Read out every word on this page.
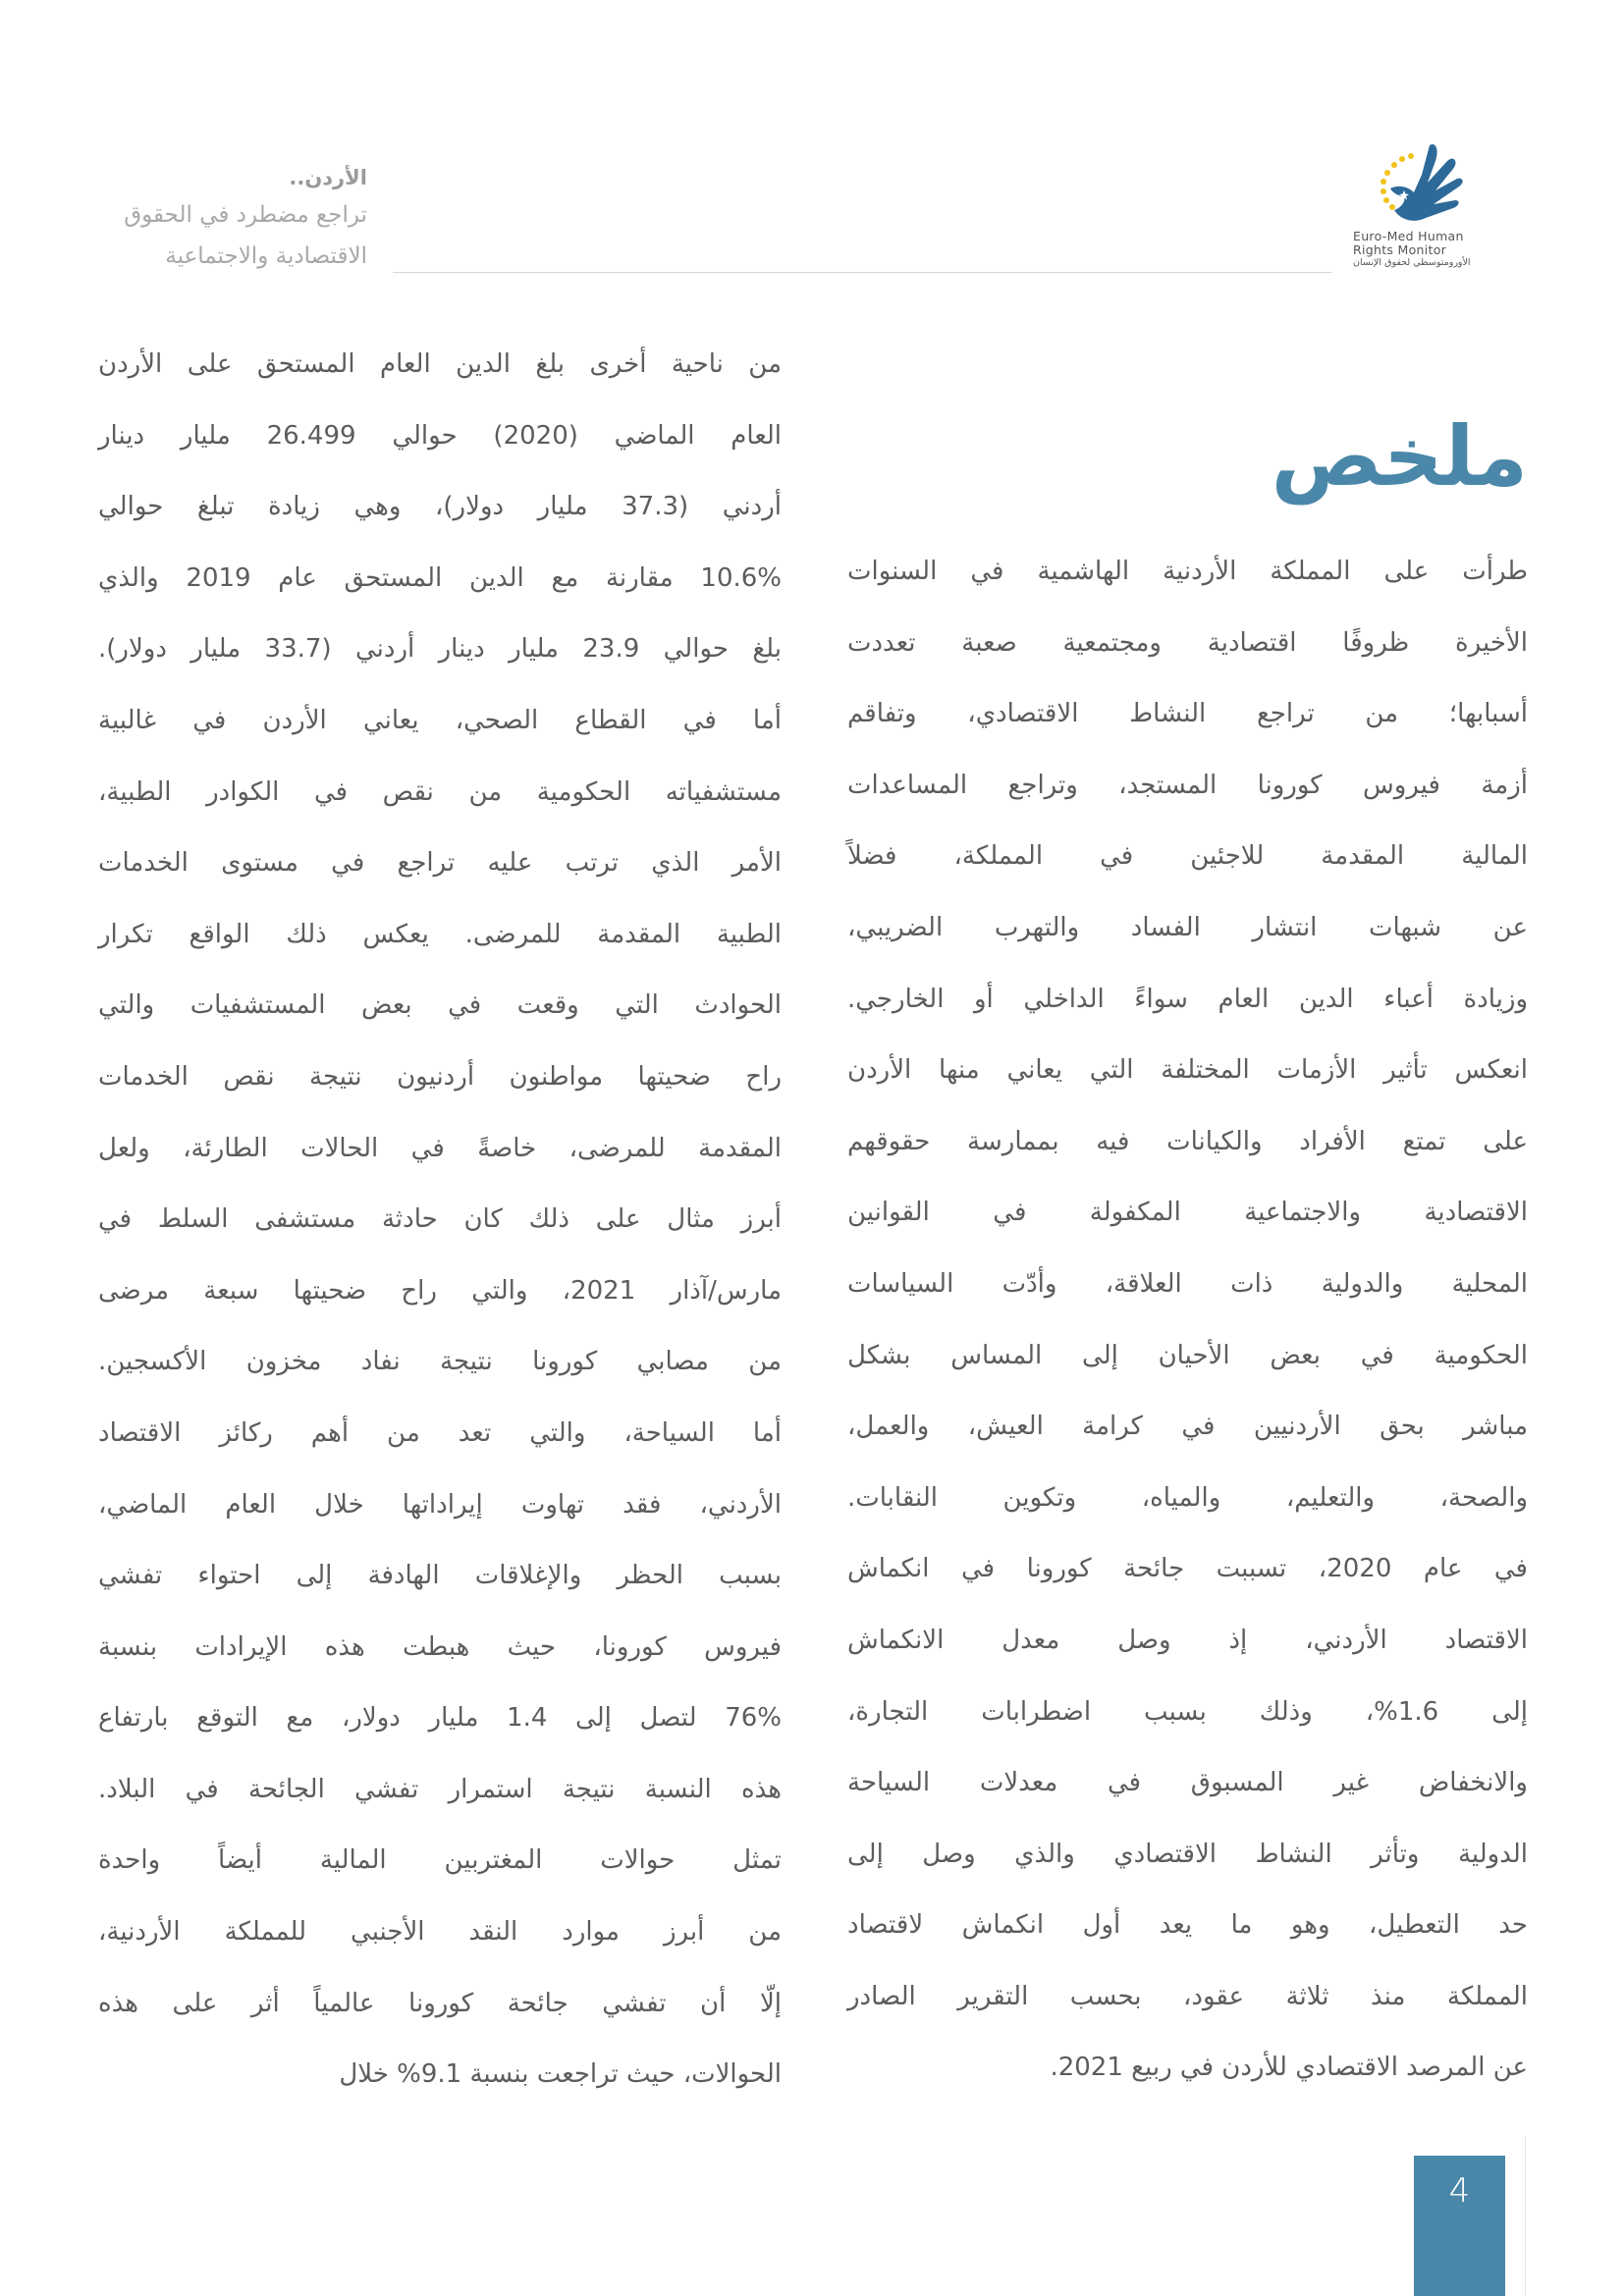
Euro-Med Human
Rights Monitor
الأورومتوسطي لحقوق الإنسان
الأردن..
تراجع مضطرد في الحقوق
الاقتصادية والاجتماعية
ملخص
طرأت على المملكة الأردنية الهاشمية في السنوات
الأخيرة ظروفًا اقتصادية ومجتمعية صعبة تعددت
أسبابها؛ من تراجع النشاط الاقتصادي، وتفاقم
أزمة فيروس كورونا المستجد، وتراجع المساعدات
المالية المقدمة للاجئين في المملكة، فضلاً
عن شبهات انتشار الفساد والتهرب الضريبي،
وزيادة أعباء الدين العام سواءً الداخلي أو الخارجي.
انعكس تأثير الأزمات المختلفة التي يعاني منها الأردن
على تمتع الأفراد والكيانات فيه بممارسة حقوقهم
الاقتصادية والاجتماعية المكفولة في القوانين
المحلية والدولية ذات العلاقة، وأدّت السياسات
الحكومية في بعض الأحيان إلى المساس بشكل
مباشر بحق الأردنيين في كرامة العيش، والعمل،
والصحة، والتعليم، والمياه، وتكوين النقابات.
في عام 2020، تسببت جائحة كورونا في انكماش
الاقتصاد الأردني، إذ وصل معدل الانكماش
إلى 1.6%، وذلك بسبب اضطرابات التجارة،
والانخفاض غير المسبوق في معدلات السياحة
الدولية وتأثر النشاط الاقتصادي والذي وصل إلى
حد التعطيل، وهو ما يعد أول انكماش لاقتصاد
المملكة منذ ثلاثة عقود، بحسب التقرير الصادر
عن المرصد الاقتصادي للأردن في ربيع 2021.
من ناحية أخرى بلغ الدين العام المستحق على الأردن
العام الماضي (2020) حوالي 26.499 مليار دينار
أردني (37.3 مليار دولار)، وهي زيادة تبلغ حوالي
10.6% مقارنة مع الدين المستحق عام 2019 والذي
بلغ حوالي 23.9 مليار دينار أردني (33.7 مليار دولار).
أما في القطاع الصحي، يعاني الأردن في غالبية
مستشفياته الحكومية من نقص في الكوادر الطبية،
الأمر الذي ترتب عليه تراجع في مستوى الخدمات
الطبية المقدمة للمرضى. يعكس ذلك الواقع تكرار
الحوادث التي وقعت في بعض المستشفيات والتي
راح ضحيتها مواطنون أردنيون نتيجة نقص الخدمات
المقدمة للمرضى، خاصةً في الحالات الطارئة، ولعل
أبرز مثال على ذلك كان حادثة مستشفى السلط في
مارس/آذار 2021، والتي راح ضحيتها سبعة مرضى
من مصابي كورونا نتيجة نفاد مخزون الأكسجين.
أما السياحة، والتي تعد من أهم ركائز الاقتصاد
الأردني، فقد تهاوت إيراداتها خلال العام الماضي،
بسبب الحظر والإغلاقات الهادفة إلى احتواء تفشي
فيروس كورونا، حيث هبطت هذه الإيرادات بنسبة
76% لتصل إلى 1.4 مليار دولار، مع التوقع بارتفاع
هذه النسبة نتيجة استمرار تفشي الجائحة في البلاد.
تمثل حوالات المغتربين المالية أيضاً واحدة
من أبرز موارد النقد الأجنبي للمملكة الأردنية،
إلّا أن تفشي جائحة كورونا عالمياً أثر على هذه
الحوالات، حيث تراجعت بنسبة 9.1% خلال
4
